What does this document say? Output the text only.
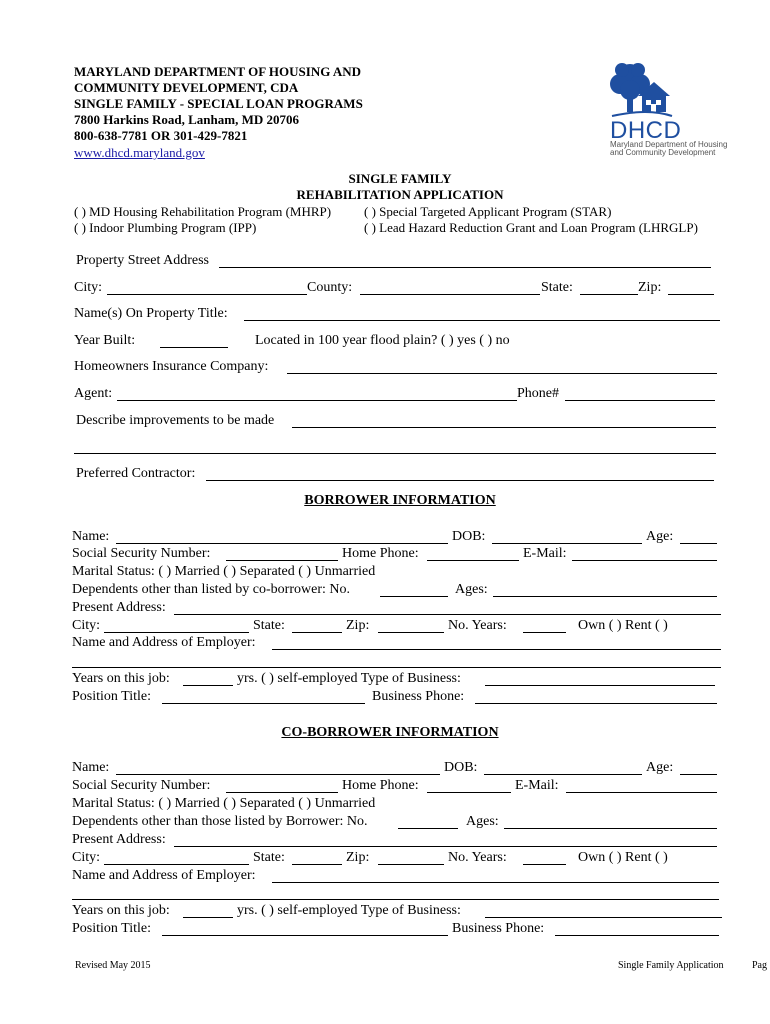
MARYLAND DEPARTMENT OF HOUSING AND
COMMUNITY DEVELOPMENT, CDA
SINGLE FAMILY - SPECIAL LOAN PROGRAMS
7800 Harkins Road, Lanham, MD 20706
800-638-7781 OR 301-429-7821
www.dhcd.maryland.gov
DHCD
Maryland Department of Housing
and Community Development
SINGLE FAMILY
REHABILITATION APPLICATION
( ) MD Housing Rehabilitation Program (MHRP)	( ) Special Targeted Applicant Program (STAR)
( ) Indoor Plumbing Program (IPP)	( ) Lead Hazard Reduction Grant and Loan Program (LHRGLP)
Property Street Address
City:	County:	State:	Zip:
Name(s) On Property Title:
Year Built:	Located in 100 year flood plain? ( ) yes ( ) no
Homeowners Insurance Company:
Agent:	Phone#
Describe improvements to be made
Preferred Contractor:
BORROWER INFORMATION
Name:	DOB:	Age:
Social Security Number:	Home Phone:	E-Mail:
Marital Status: ( ) Married ( ) Separated ( ) Unmarried
Dependents other than listed by co-borrower: No.	Ages:
Present Address:
City:	State:	Zip:	No. Years:	Own ( ) Rent ( )
Name and Address of Employer:
Years on this job:	yrs. ( ) self-employed Type of Business:
Position Title:	Business Phone:
CO-BORROWER INFORMATION
Name:	DOB:	Age:
Social Security Number:	Home Phone:	E-Mail:
Marital Status: ( ) Married ( ) Separated ( ) Unmarried
Dependents other than those listed by Borrower: No.	Ages:
Present Address:
City:	State:	Zip:	No. Years:	Own ( ) Rent ( )
Name and Address of Employer:
Years on this job:	yrs. ( ) self-employed Type of Business:
Position Title:	Business Phone:
Revised May 2015	Single Family Application	Pag
